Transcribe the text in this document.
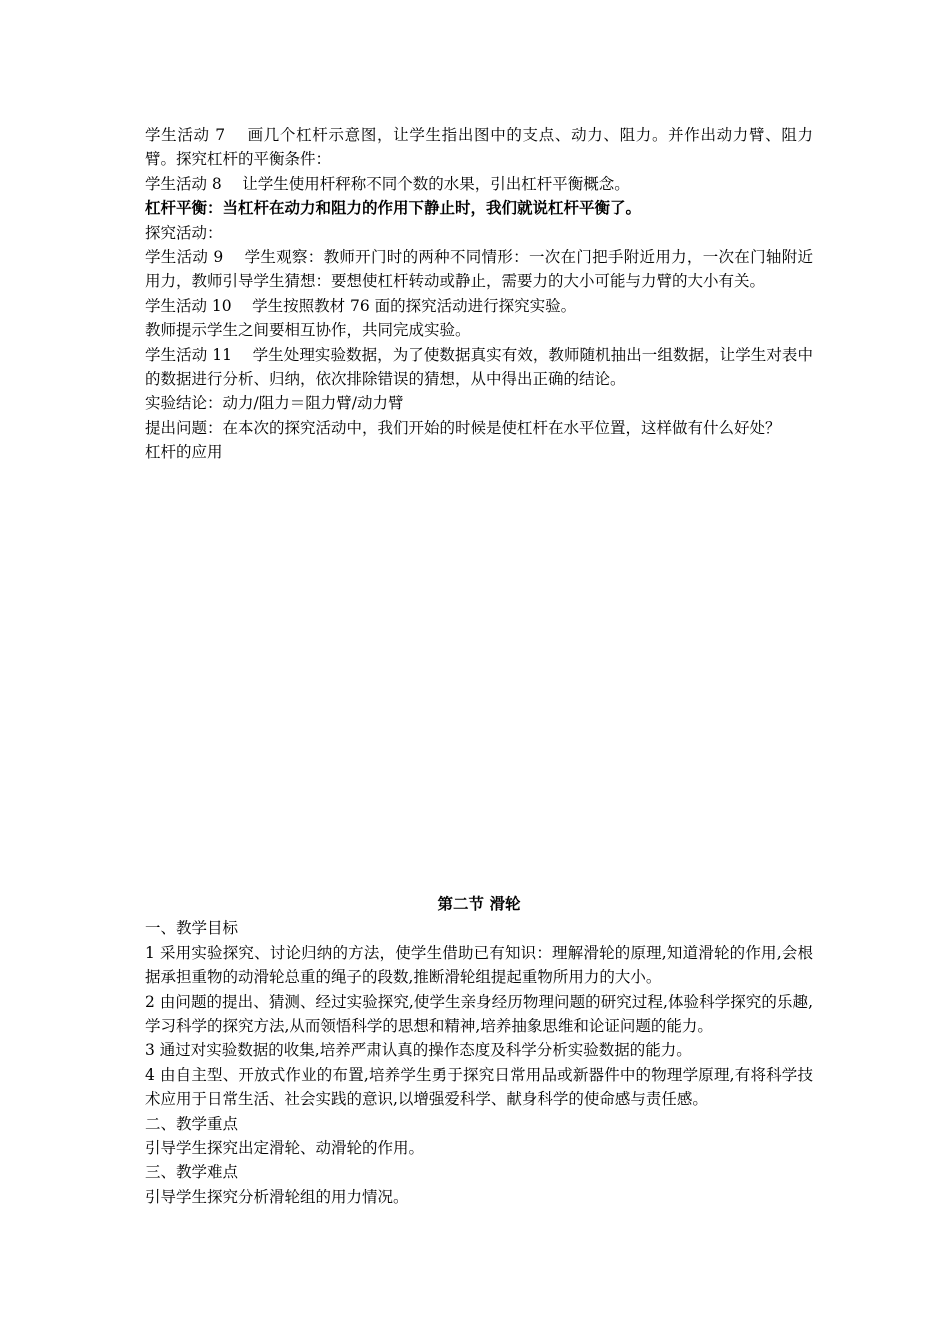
学生活动 7　 画几个杠杆示意图，让学生指出图中的支点、动力、阻力。并作出动力臂、阻力臂。探究杠杆的平衡条件：
学生活动 8　 让学生使用杆秤称不同个数的水果，引出杠杆平衡概念。
杠杆平衡：当杠杆在动力和阻力的作用下静止时，我们就说杠杆平衡了。
探究活动：
学生活动 9　 学生观察：教师开门时的两种不同情形：一次在门把手附近用力，一次在门轴附近用力，教师引导学生猜想：要想使杠杆转动或静止，需要力的大小可能与力臂的大小有关。
学生活动 10　 学生按照教材 76 面的探究活动进行探究实验。
教师提示学生之间要相互协作，共同完成实验。
学生活动 11　 学生处理实验数据，为了使数据真实有效，教师随机抽出一组数据，让学生对表中的数据进行分析、归纳，依次排除错误的猜想，从中得出正确的结论。
实验结论：动力/阻力＝阻力臂/动力臂
提出问题：在本次的探究活动中，我们开始的时候是使杠杆在水平位置，这样做有什么好处？
杠杆的应用
第二节 滑轮
一、教学目标
1 采用实验探究、讨论归纳的方法，使学生借助已有知识：理解滑轮的原理,知道滑轮的作用,会根据承担重物的动滑轮总重的绳子的段数,推断滑轮组提起重物所用力的大小。
2 由问题的提出、猜测、经过实验探究,使学生亲身经历物理问题的研究过程,体验科学探究的乐趣,学习科学的探究方法,从而领悟科学的思想和精神,培养抽象思维和论证问题的能力。
3 通过对实验数据的收集,培养严肃认真的操作态度及科学分析实验数据的能力。
4 由自主型、开放式作业的布置,培养学生勇于探究日常用品或新器件中的物理学原理,有将科学技术应用于日常生活、社会实践的意识,以增强爱科学、献身科学的使命感与责任感。
二、教学重点
引导学生探究出定滑轮、动滑轮的作用。
三、教学难点
引导学生探究分析滑轮组的用力情况。
